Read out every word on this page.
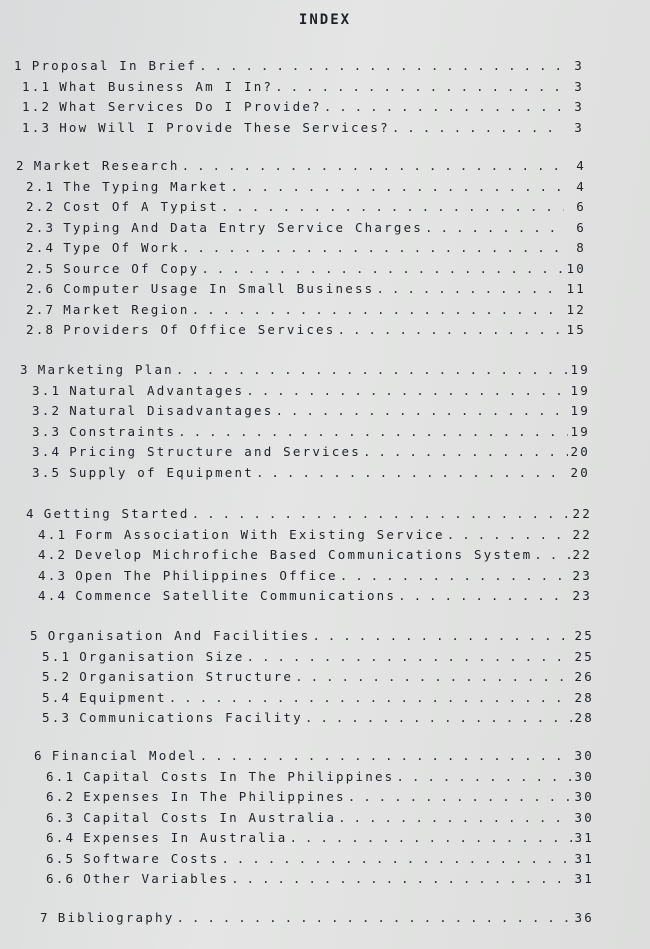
INDEX
1 Proposal In Brief . . .	3
1.1 What Business Am I In? . . .	3
1.2 What Services Do I Provide? . . .	3
1.3 How Will I Provide These Services? . . .	3
2 Market Research . . .	4
2.1 The Typing Market . . .	4
2.2 Cost Of A Typist . . .	6
2.3 Typing And Data Entry Service Charges . . .	6
2.4 Type Of Work . . .	8
2.5 Source Of Copy . . .	10
2.6 Computer Usage In Small Business . . .	11
2.7 Market Region . . .	12
2.8 Providers Of Office Services . . .	15
3 Marketing Plan . . .	19
3.1 Natural Advantages . . .	19
3.2 Natural Disadvantages . . .	19
3.3 Constraints . . .	19
3.4 Pricing Structure and Services . . .	20
3.5 Supply of Equipment . . .	20
4 Getting Started . . .	22
4.1 Form Association With Existing Service . . .	22
4.2 Develop Michrofiche Based Communications System . . .	22
4.3 Open The Philippines Office . . .	23
4.4 Commence Satellite Communications . . .	23
5 Organisation And Facilities . . .	25
5.1 Organisation Size . . .	25
5.2 Organisation Structure . . .	26
5.4 Equipment . . .	28
5.3 Communications Facility . . .	28
6 Financial Model . . .	30
6.1 Capital Costs In The Philippines . . .	30
6.2 Expenses In The Philippines . . .	30
6.3 Capital Costs In Australia . . .	30
6.4 Expenses In Australia . . .	31
6.5 Software Costs . . .	31
6.6 Other Variables . . .	31
7 Bibliography . . .	36
